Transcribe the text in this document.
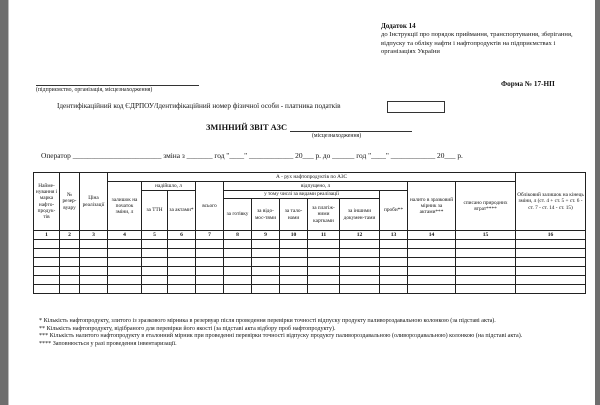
Додаток 14
до Інструкції про порядок приймання, транспортування, зберігання, відпуску та обліку нафти і нафтопродуктів на підприємствах і організаціях України
(підприємство, організація, місцезнаходження)
Форма № 17-НП
Ідентифікаційний код ЄДРПОУ/Ідентифікаційний номер фізичної особи - платника податків
ЗМІННИЙ ЗВІТ АЗС
(місцезнаходження)
Оператор ________________________ зміна з _______ год "____" ____________ 20___ р. до ______ год "____" ____________ 20___ р.
Найме-нування і марка нафто-продук-тів	№ резер-вуару	Ціна реалізації	А - рух нафтопродуктів по АЗС												Обліковий залишок на кінець зміни, л (ст. 4 + ст. 5 + ст. 6 - ст. 7 - ст. 14 - ст. 15)
			залишок на початок зміни, л	надійшло, л		всього	відпущено, л						налито в зразковий мірник за актами***	списано природних втрат****	
				за ТТН	за актами*		у тому числі за видами реалізації					проби**			
							за готівку	за відо-мос-тями	за тало-нами	за платіж-ними картками	за іншими докумен-тами				
1	2	3	4	5	6	7	8	9	10	11	12	13	14	15	16

* Кількість нафтопродукту, злитого із зразкового мірника в резервуар після проведення перевірки точності відпуску продукту паливороздавальною колонкою (за підставі акта).

** Кількість нафтопродукту, відібраного для перевірки його якості (за підставі акта відбору проб нафтопродукту).

*** Кількість налитого нафтопродукту в еталонний мірник при проведенні перевірки точності відпуску продукту паливороздавальною (оливороздавальною) колонкою (на підставі акта).

**** Заповнюється у разі проведення інвентаризації.
